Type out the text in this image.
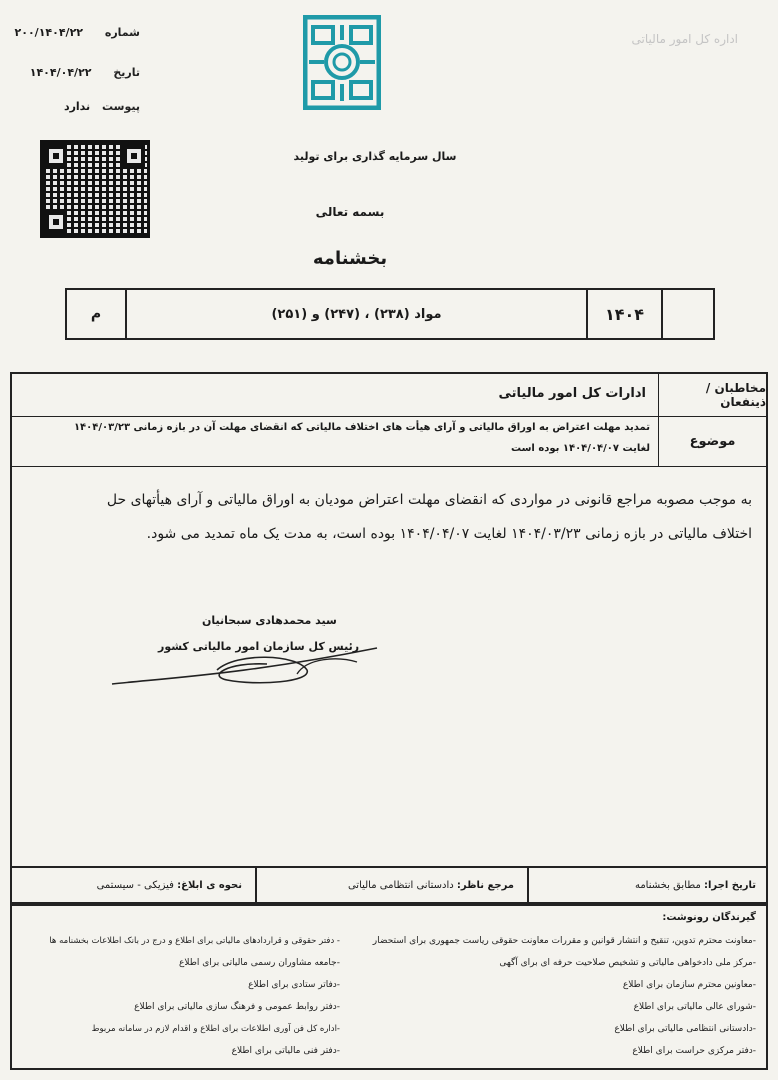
شماره ۲۰۰/۱۴۰۴/۲۲
تاریخ ۱۴۰۴/۰۴/۲۲
پیوست ندارد
اداره کل امور مالیاتی
سال سرمایه گذاری برای تولید
بسمه تعالی
بخشنامه
۱۴۰۴
مواد (۲۳۸) ، (۲۴۷) و (۲۵۱)
م
مخاطبان / ذینفعان
ادارات کل امور مالیاتی
موضوع
تمدید مهلت اعتراض به اوراق مالیاتی و آرای هیأت های اختلاف مالیاتی که انقضای مهلت آن در بازه زمانی ۱۴۰۴/۰۳/۲۳
لغایت ۱۴۰۴/۰۴/۰۷ بوده است
به موجب مصوبه مراجع قانونی در مواردی که انقضای مهلت اعتراض مودیان به اوراق مالیاتی و آرای هیأتهای حل
اختلاف مالیاتی در بازه زمانی ۱۴۰۴/۰۳/۲۳ لغایت ۱۴۰۴/۰۴/۰۷ بوده است، به مدت یک ماه تمدید می شود.
سید محمدهادی سبحانیان
رئیس کل سازمان امور مالیاتی کشور
تاریخ اجرا: مطابق بخشنامه
مرجع ناظر: دادستانی انتظامی مالیاتی
نحوه ی ابلاغ: فیزیکی - سیستمی
گیرندگان رونوشت:
-معاونت محترم تدوین، تنقیح و انتشار قوانین و مقررات معاونت حقوقی ریاست جمهوری برای استحضار
-مرکز ملی دادخواهی مالیاتی و تشخیص صلاحیت حرفه ای برای آگهی
-معاونین محترم سازمان برای اطلاع
-شورای عالی مالیاتی برای اطلاع
-دادستانی انتظامی مالیاتی برای اطلاع
-دفتر مرکزی حراست برای اطلاع
- دفتر حقوقی و قراردادهای مالیاتی برای اطلاع و درج در بانک اطلاعات بخشنامه ها
-جامعه مشاوران رسمی مالیاتی برای اطلاع
-دفاتر ستادی برای اطلاع
-دفتر روابط عمومی و فرهنگ سازی مالیاتی برای اطلاع
-اداره کل فن آوری اطلاعات برای اطلاع و اقدام لازم در سامانه مربوط
-دفتر فنی مالیاتی برای اطلاع
